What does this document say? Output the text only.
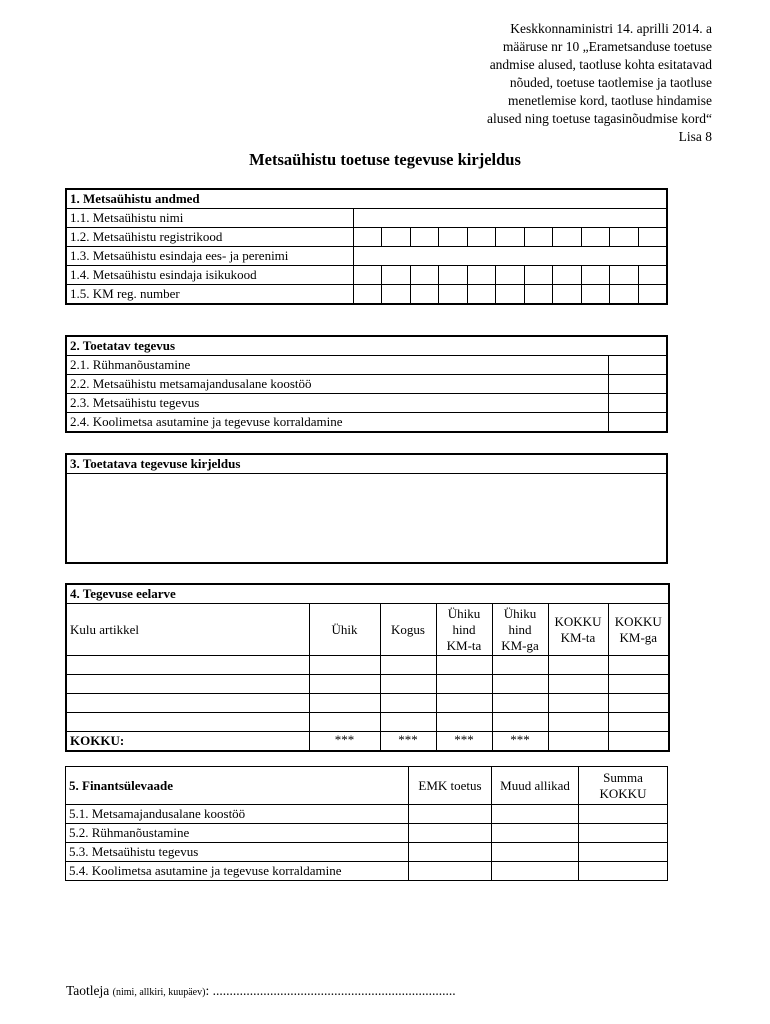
Keskkonnaministri 14. aprilli 2014. a
määruse nr 10 „Erametsanduse toetuse
andmise alused, taotluse kohta esitatavad
nõuded, toetuse taotlemise ja taotluse
menetlemise kord, taotluse hindamise
alused ning toetuse tagasinõudmise kord“
Lisa 8
Metsaühistu toetuse tegevuse kirjeldus
1. Metsaühistu andmed											
1.1. Metsaühistu nimi											
1.2. Metsaühistu registrikood											
1.3. Metsaühistu esindaja ees- ja perenimi											
1.4. Metsaühistu esindaja isikukood											
1.5. KM reg. number											
2. Toetatav tegevus	
2.1. Rühmanõustamine	
2.2. Metsaühistu metsamajandusalane koostöö	
2.3. Metsaühistu tegevus	
2.4. Koolimetsa asutamine ja tegevuse korraldamine	
3. Toetatava tegevuse kirjeldus

4. Tegevuse eelarve						
Kulu artikkel	Ühik	Kogus	Ühiku hind KM-ta	Ühiku hind KM-ga	KOKKU KM-ta	KOKKU KM-ga

KOKKU:	***	***	***	***		
5. Finantsülevaade	EMK toetus	Muud allikad	Summa KOKKU
5.1. Metsamajandusalane koostöö			
5.2. Rühmanõustamine			
5.3. Metsaühistu tegevus			
5.4. Koolimetsa asutamine ja tegevuse korraldamine			
Taotleja (nimi, allkiri, kuupäev): ........................................................................
